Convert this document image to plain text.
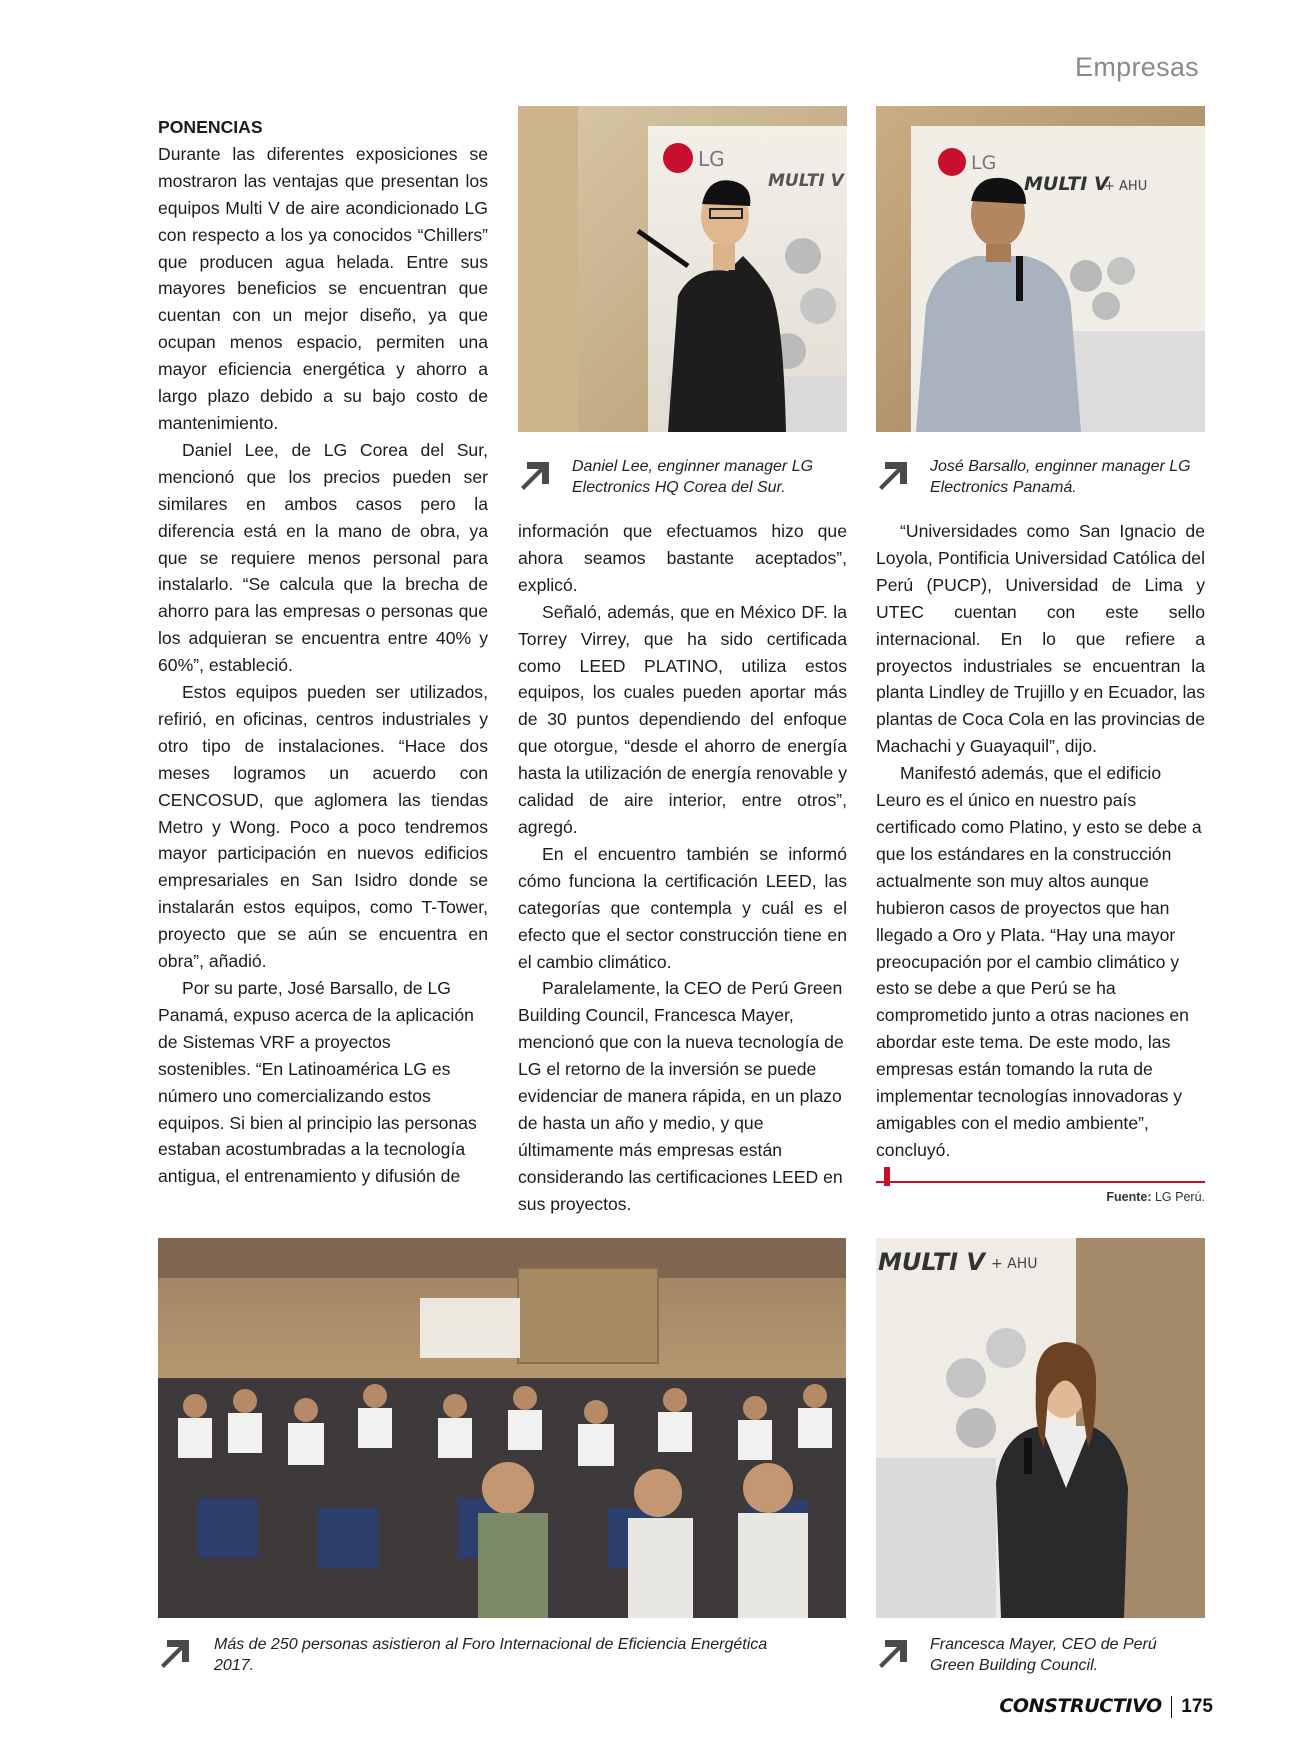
Empresas
PONENCIAS

Durante las diferentes exposiciones se mostraron las ventajas que presentan los equipos Multi V de aire acondicionado LG con respecto a los ya conocidos “Chillers” que producen agua helada. Entre sus mayores beneficios se encuentran que cuentan con un mejor diseño, ya que ocupan menos espacio, permiten una mayor eficiencia energética y ahorro a largo plazo debido a su bajo costo de mantenimiento.

Daniel Lee, de LG Corea del Sur, mencionó que los precios pueden ser similares en ambos casos pero la diferencia está en la mano de obra, ya que se requiere menos personal para instalarlo. “Se calcula que la brecha de ahorro para las empresas o personas que los adquieran se encuentra entre 40% y 60%”, estableció.

Estos equipos pueden ser utilizados, refirió, en oficinas, centros industriales y otro tipo de instalaciones. “Hace dos meses logramos un acuerdo con CENCOSUD, que aglomera las tiendas Metro y Wong. Poco a poco tendremos mayor participación en nuevos edificios empresariales en San Isidro donde se instalarán estos equipos, como T-Tower, proyecto que se aún se encuentra en obra”, añadió.

Por su parte, José Barsallo, de LG Panamá, expuso acerca de la aplicación de Sistemas VRF a proyectos sostenibles. “En Latinoamérica LG es número uno comercializando estos equipos. Si bien al principio las personas estaban acostumbradas a la tecnología antigua, el entrenamiento y difusión de

LG
MULTI V
Daniel Lee, enginner manager LG Electronics HQ Corea del Sur.
LG
MULTI V
+ AHU
José Barsallo, enginner manager LG Electronics Panamá.

información que efectuamos hizo que ahora seamos bastante aceptados”, explicó.

Señaló, además, que en México DF. la Torrey Virrey, que ha sido certificada como LEED PLATINO, utiliza estos equipos, los cuales pueden aportar más de 30 puntos dependiendo del enfoque que otorgue, “desde el ahorro de energía hasta la utilización de energía renovable y calidad de aire interior, entre otros”, agregó.

En el encuentro también se informó cómo funciona la certificación LEED, las categorías que contempla y cuál es el efecto que el sector construcción tiene en el cambio climático.

Paralelamente, la CEO de Perú Green Building Council, Francesca Mayer, mencionó que con la nueva tecnología de LG el retorno de la inversión se puede evidenciar de manera rápida, en un plazo de hasta un año y medio, y que últimamente más empresas están considerando las certificaciones LEED en sus proyectos.

“Universidades como San Ignacio de Loyola, Pontificia Universidad Católica del Perú (PUCP), Universidad de Lima y UTEC cuentan con este sello internacional. En lo que refiere a proyectos industriales se encuentran la planta Lindley de Trujillo y en Ecuador, las plantas de Coca Cola en las provincias de Machachi y Guayaquil”, dijo.

Manifestó además, que el edificio Leuro es el único en nuestro país certificado como Platino, y esto se debe a que los estándares en la construcción actualmente son muy altos aunque hubieron casos de proyectos que han llegado a Oro y Plata. “Hay una mayor preocupación por el cambio climático y esto se debe a que Perú se ha comprometido junto a otras naciones en abordar este tema. De este modo, las empresas están tomando la ruta de implementar tecnologías innovadoras y amigables con el medio ambiente”, concluyó.

Fuente: LG Perú.
Más de 250 personas asistieron al Foro Internacional de Eficiencia Energética 2017.
MULTI V + AHU
Francesca Mayer, CEO de Perú Green Building Council.
CONSTRUCTIVO 175
